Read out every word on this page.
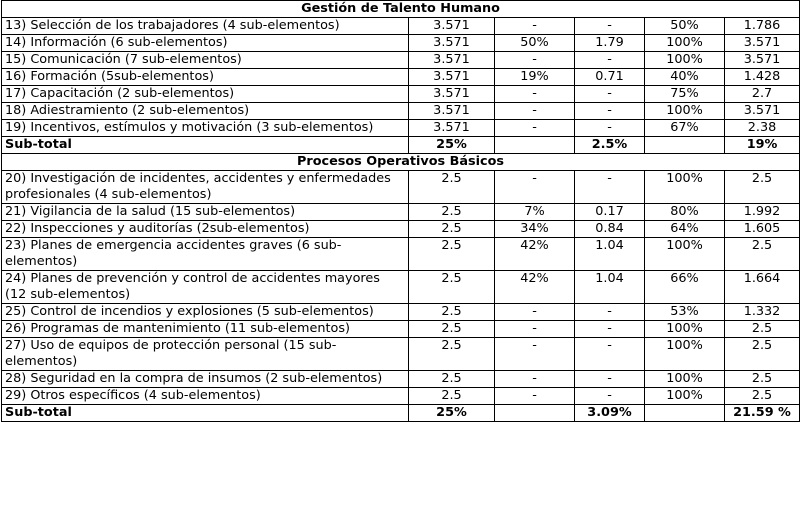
Gestión de Talento Humano					
13) Selección de los trabajadores (4 sub-elementos)	3.571	-	-	50%	1.786
14) Información (6 sub-elementos)	3.571	50%	1.79	100%	3.571
15) Comunicación (7 sub-elementos)	3.571	-	-	100%	3.571
16) Formación (5sub-elementos)	3.571	19%	0.71	40%	1.428
17) Capacitación (2 sub-elementos)	3.571	-	-	75%	2.7
18) Adiestramiento (2 sub-elementos)	3.571	-	-	100%	3.571
19) Incentivos, estímulos y motivación (3 sub-elementos)	3.571	-	-	67%	2.38
Sub-total	25%		2.5%		19%
Procesos Operativos Básicos					
20) Investigación de incidentes, accidentes y enfermedades profesionales (4 sub-elementos)	2.5	-	-	100%	2.5
21) Vigilancia de la salud (15 sub-elementos)	2.5	7%	0.17	80%	1.992
22) Inspecciones y auditorías (2sub-elementos)	2.5	34%	0.84	64%	1.605
23) Planes de emergencia accidentes graves (6 sub-elementos)	2.5	42%	1.04	100%	2.5
24) Planes de prevención y control de accidentes mayores (12 sub-elementos)	2.5	42%	1.04	66%	1.664
25) Control de incendios y explosiones (5 sub-elementos)	2.5	-	-	53%	1.332
26) Programas de mantenimiento (11 sub-elementos)	2.5	-	-	100%	2.5
27) Uso de equipos de protección personal (15 sub-elementos)	2.5	-	-	100%	2.5
28) Seguridad en la compra de insumos (2 sub-elementos)	2.5	-	-	100%	2.5
29) Otros específicos (4 sub-elementos)	2.5	-	-	100%	2.5
Sub-total	25%		3.09%		21.59 %
